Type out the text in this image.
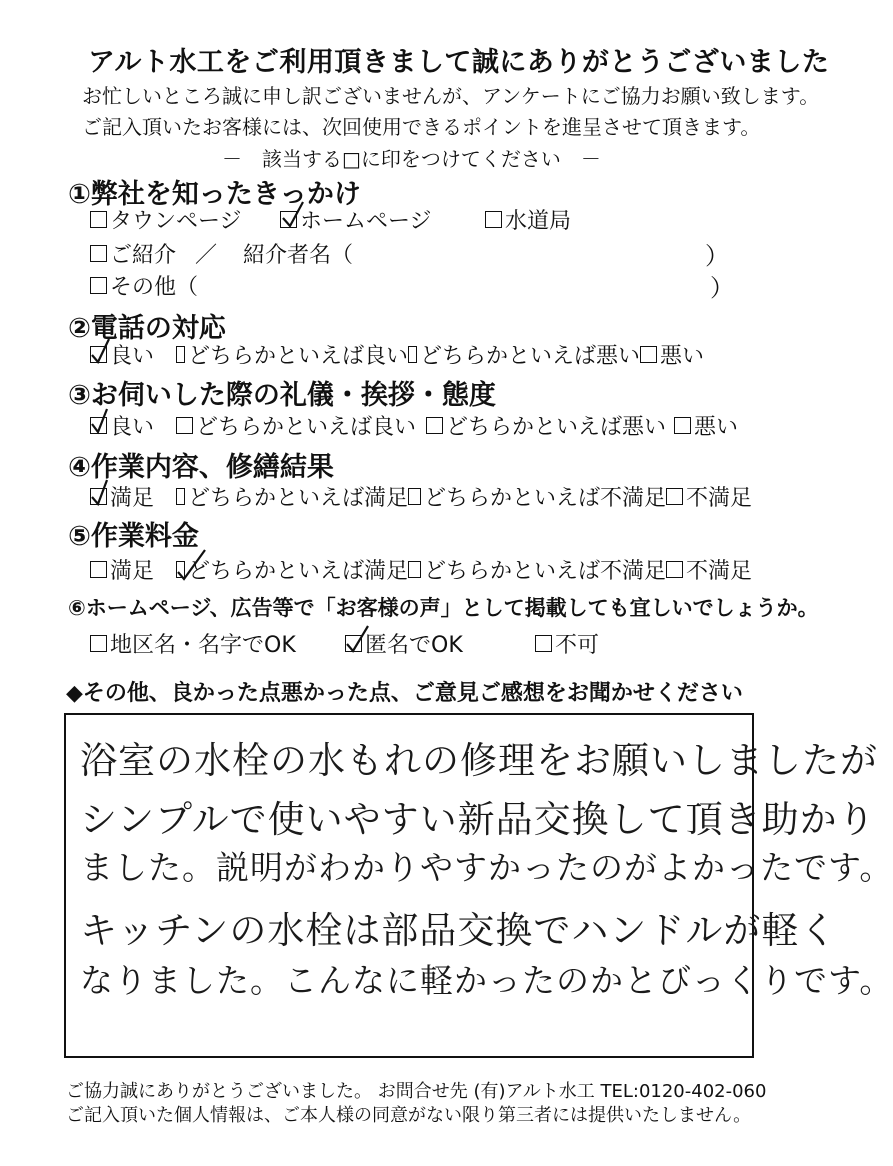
アルト水工をご利用頂きまして誠にありがとうございました
お忙しいところ誠に申し訳ございませんが、アンケートにご協力お願い致します。
ご記入頂いたお客様には、次回使用できるポイントを進呈させて頂きます。
－　該当する□に印をつけてください　－
①弊社を知ったきっかけ
タウンページ	ホームページ	水道局
ご紹介 ／	紹介者名（	）
その他（	）
②電話の対応
良い どちらかといえば良い どちらかといえば悪い 悪い
③お伺いした際の礼儀・挨拶・態度
良い どちらかといえば良い どちらかといえば悪い 悪い
④作業内容、修繕結果
満足 どちらかといえば満足 どちらかといえば不満足 不満足
⑤作業料金
満足 どちらかといえば満足 どちらかといえば不満足 不満足
⑥ホームページ、広告等で「お客様の声」として掲載しても宜しいでしょうか。
地区名・名字でOK	匿名でOK	不可
◆その他、良かった点悪かった点、ご意見ご感想をお聞かせください
浴室の水栓の水もれの修理をお願いしましたが
シンプルで使いやすい新品交換して頂き助かり
ました。説明がわかりやすかったのがよかったです。
キッチンの水栓は部品交換でハンドルが軽く
なりました。こんなに軽かったのかとびっくりです。
ご協力誠にありがとうございました。 お問合せ先 (有)アルト水工 TEL:0120-402-060
ご記入頂いた個人情報は、ご本人様の同意がない限り第三者には提供いたしません。
